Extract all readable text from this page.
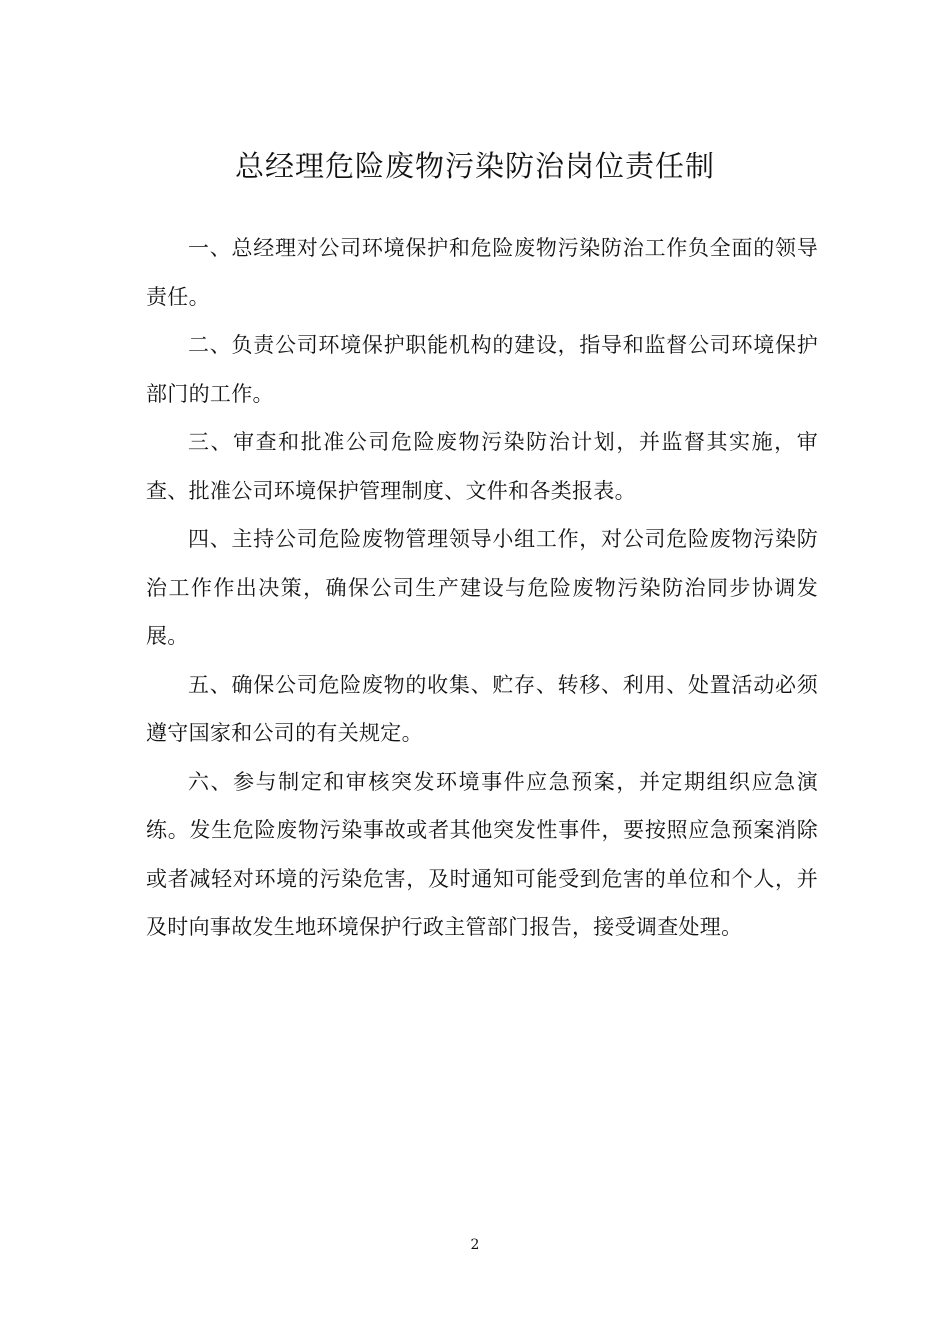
总经理危险废物污染防治岗位责任制

一、总经理对公司环境保护和危险废物污染防治工作负全面的领导责任。

二、负责公司环境保护职能机构的建设，指导和监督公司环境保护部门的工作。

三、审查和批准公司危险废物污染防治计划，并监督其实施，审查、批准公司环境保护管理制度、文件和各类报表。

四、主持公司危险废物管理领导小组工作，对公司危险废物污染防治工作作出决策，确保公司生产建设与危险废物污染防治同步协调发展。

五、确保公司危险废物的收集、贮存、转移、利用、处置活动必须遵守国家和公司的有关规定。

六、参与制定和审核突发环境事件应急预案，并定期组织应急演练。发生危险废物污染事故或者其他突发性事件，要按照应急预案消除或者减轻对环境的污染危害，及时通知可能受到危害的单位和个人，并及时向事故发生地环境保护行政主管部门报告，接受调查处理。

2
